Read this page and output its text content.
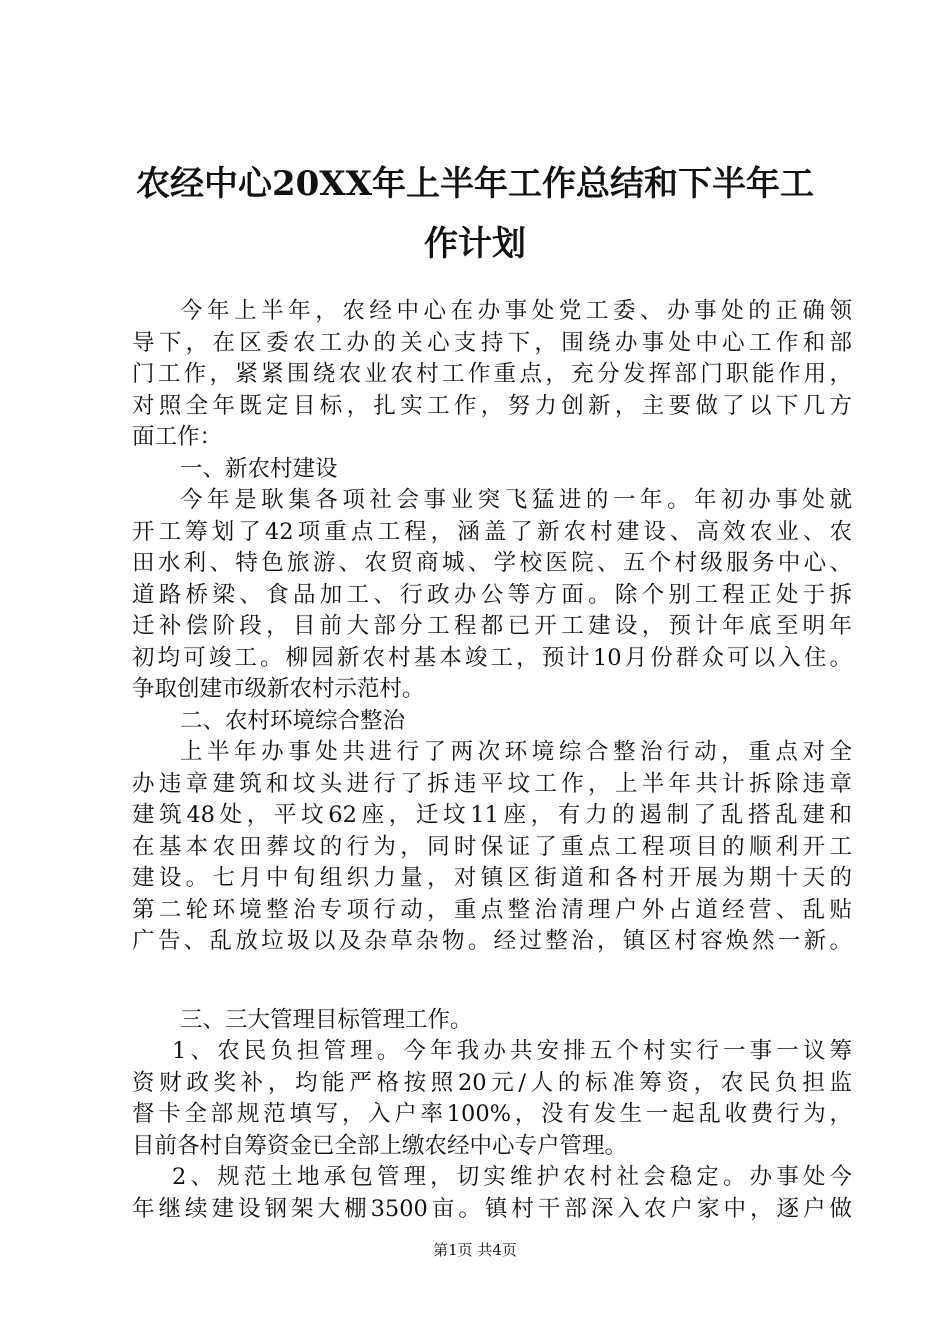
农经中心20XX年上半年工作总结和下半年工
作计划
今年上半年，农经中心在办事处党工委、办事处的正确领
导下，在区委农工办的关心支持下，围绕办事处中心工作和部
门工作，紧紧围绕农业农村工作重点，充分发挥部门职能作用，
对照全年既定目标，扎实工作，努力创新，主要做了以下几方
面工作：
一、新农村建设
今年是耿集各项社会事业突飞猛进的一年。年初办事处就
开工筹划了42项重点工程，涵盖了新农村建设、高效农业、农
田水利、特色旅游、农贸商城、学校医院、五个村级服务中心、
道路桥梁、食品加工、行政办公等方面。除个别工程正处于拆
迁补偿阶段，目前大部分工程都已开工建设，预计年底至明年
初均可竣工。柳园新农村基本竣工，预计10月份群众可以入住。
争取创建市级新农村示范村。
二、农村环境综合整治
上半年办事处共进行了两次环境综合整治行动，重点对全
办违章建筑和坟头进行了拆违平坟工作，上半年共计拆除违章
建筑48处，平坟62座，迁坟11座，有力的遏制了乱搭乱建和
在基本农田葬坟的行为，同时保证了重点工程项目的顺利开工
建设。七月中旬组织力量，对镇区街道和各村开展为期十天的
第二轮环境整治专项行动，重点整治清理户外占道经营、乱贴
广告、乱放垃圾以及杂草杂物。经过整治，镇区村容焕然一新。
三、三大管理目标管理工作。
1、农民负担管理。今年我办共安排五个村实行一事一议筹
资财政奖补，均能严格按照20元/人的标准筹资，农民负担监
督卡全部规范填写，入户率100%，没有发生一起乱收费行为，
目前各村自筹资金已全部上缴农经中心专户管理。
2、规范土地承包管理，切实维护农村社会稳定。办事处今
年继续建设钢架大棚3500亩。镇村干部深入农户家中，逐户做
第1页 共4页
